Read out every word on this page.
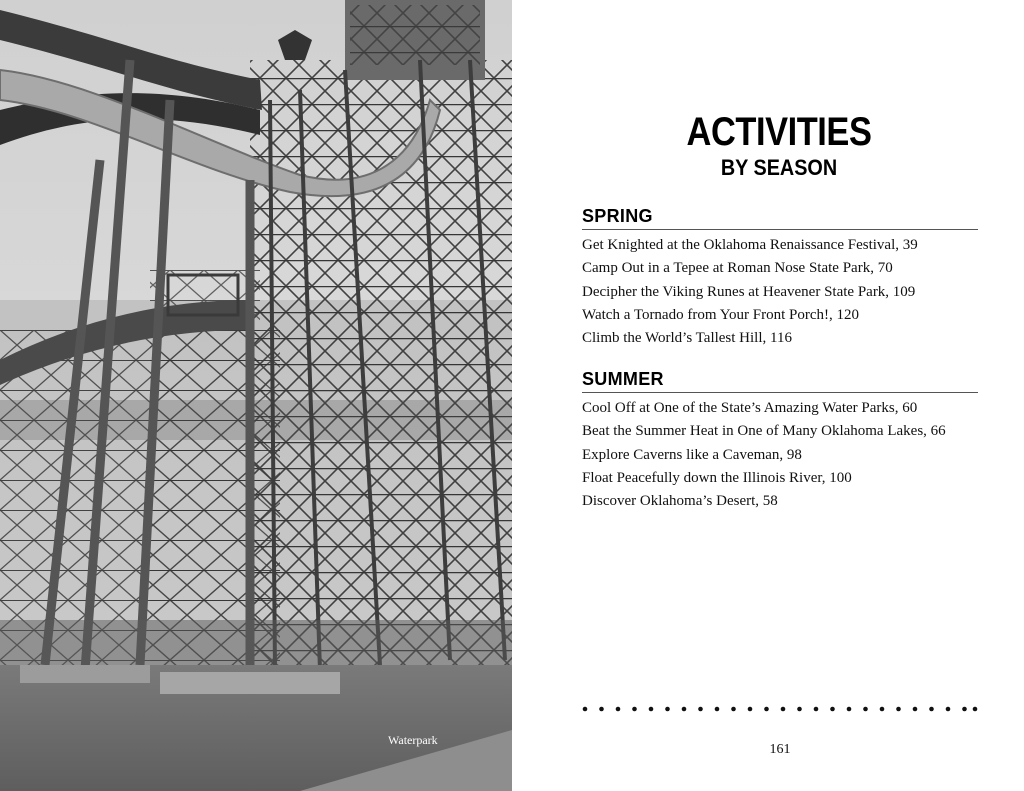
Waterpark
ACTIVITIES
BY SEASON
SPRING
Get Knighted at the Oklahoma Renaissance Festival, 39
Camp Out in a Tepee at Roman Nose State Park, 70
Decipher the Viking Runes at Heavener State Park, 109
Watch a Tornado from Your Front Porch!, 120
Climb the World’s Tallest Hill, 116
SUMMER
Cool Off at One of the State’s Amazing Water Parks, 60
Beat the Summer Heat in One of Many Oklahoma Lakes, 66
Explore Caverns like a Caveman, 98
Float Peacefully down the Illinois River, 100
Discover Oklahoma’s Desert, 58
161
